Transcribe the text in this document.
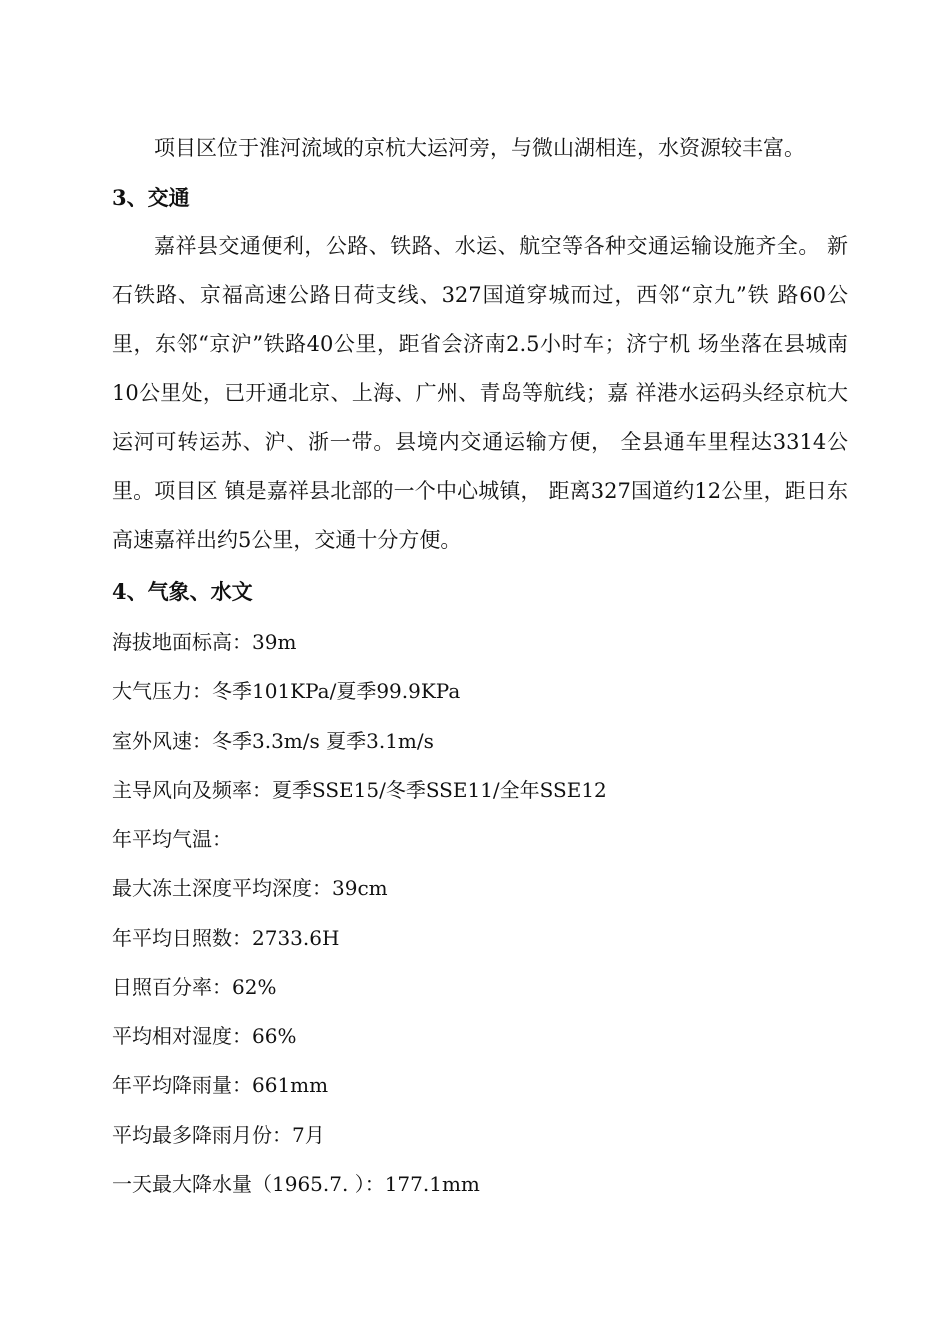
项目区位于淮河流域的京杭大运河旁，与微山湖相连，水资源较丰富。

3、交通

嘉祥县交通便利，公路、铁路、水运、航空等各种交通运输设施齐全。 新石铁路、京福高速公路日荷支线、327国道穿城而过，西邻“京九”铁 路60公里，东邻“京沪”铁路40公里，距省会济南2.5小时车；济宁机 场坐落在县城南10公里处，已开通北京、上海、广州、青岛等航线；嘉 祥港水运码头经京杭大运河可转运苏、沪、浙一带。县境内交通运输方便， 全县通车里程达3314公里。项目区 镇是嘉祥县北部的一个中心城镇， 距离327国道约12公里，距日东高速嘉祥出约5公里，交通十分方便。

4、气象、水文

海拔地面标高：39m

大气压力：冬季101KPa/夏季99.9KPa

室外风速：冬季3.3m/s 夏季3.1m/s

主导风向及频率：夏季SSE15/冬季SSE11/全年SSE12

年平均气温：

最大冻土深度平均深度：39cm

年平均日照数：2733.6H

日照百分率：62%

平均相对湿度：66%

年平均降雨量：661mm

平均最多降雨月份：7月

一天最大降水量（1965.7. ）：177.1mm
